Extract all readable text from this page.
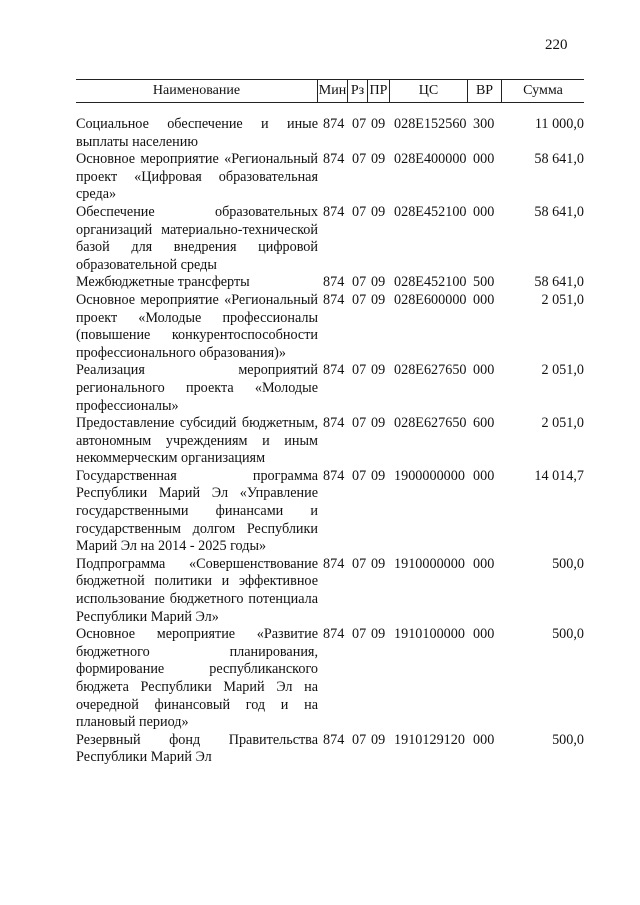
220
Наименование	Мин Рз ПР	ЦС	ВР	Сумма
Социальное обеспечение и иные выплаты населению
874 07 09 028E152560 300	11 000,0
Основное мероприятие «Региональный проект «Цифровая образовательная среда»
874 07 09 028E400000 000	58 641,0
Обеспечение образовательных организаций материально-технической базой для внедрения цифровой образовательной среды
874 07 09 028E452100 000	58 641,0
Межбюджетные трансферты	874 07 09 028E452100 500	58 641,0
Основное мероприятие «Региональный проект «Молодые профессионалы (повышение конкурентоспособности профессионального образования)»
874 07 09 028E600000 000	2 051,0
Реализация мероприятий регионального проекта «Молодые профессионалы»
874 07 09 028E627650 000	2 051,0
Предоставление субсидий бюджетным, автономным учреждениям и иным некоммерческим организациям
874 07 09 028E627650 600	2 051,0
Государственная программа Республики Марий Эл «Управление государственными финансами и государственным долгом Республики Марий Эл на 2014 - 2025 годы»
874 07 09 1900000000 000	14 014,7
Подпрограмма «Совершенствование бюджетной политики и эффективное использование бюджетного потенциала Республики Марий Эл»
874 07 09 1910000000 000	500,0
Основное мероприятие «Развитие бюджетного планирования, формирование республиканского бюджета Республики Марий Эл на очередной финансовый год и на плановый период»
874 07 09 1910100000 000	500,0
Резервный фонд Правительства Республики Марий Эл
874 07 09 1910129120 000	500,0
